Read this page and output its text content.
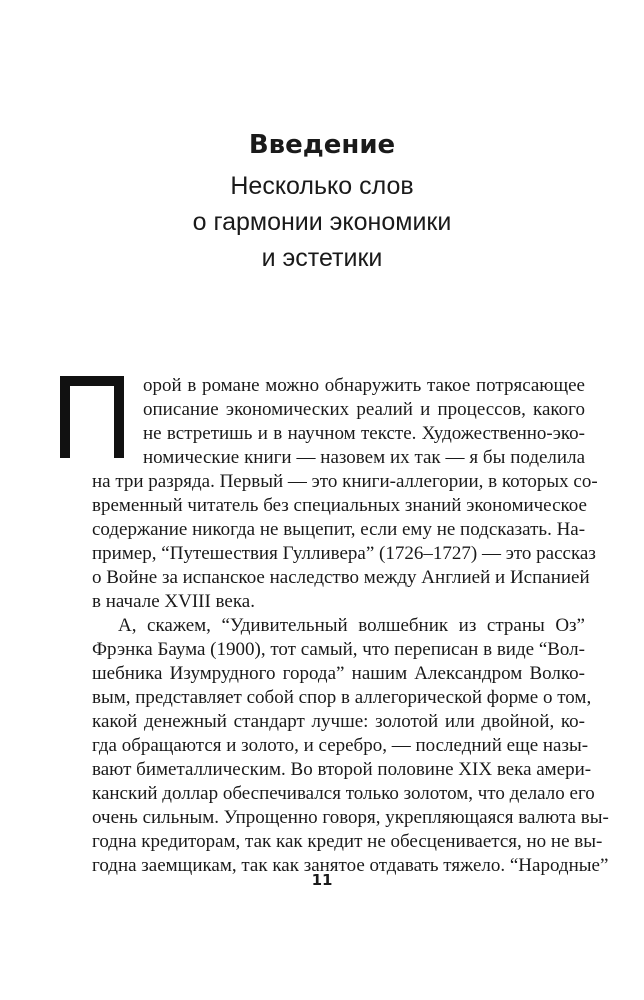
Введение
Несколько слов
о гармонии экономики
и эстетики
орой в романе можно обнаружить такое потрясающее
описание экономических реалий и процессов, какого
не встретишь и в научном тексте. Художественно-эко-
номические книги — назовем их так — я бы поделила
на три разряда. Первый — это книги-аллегории, в которых со-
временный читатель без специальных знаний экономическое
содержание никогда не выцепит, если ему не подсказать. На-
пример, “Путешествия Гулливера” (1726–1727) — это рассказ
о Войне за испанское наследство между Англией и Испанией
в начале XVIII века.
А, скажем, “Удивительный волшебник из страны Оз”
Фрэнка Баума (1900), тот самый, что переписан в виде “Вол-
шебника Изумрудного города” нашим Александром Волко-
вым, представляет собой спор в аллегорической форме о том,
какой денежный стандарт лучше: золотой или двойной, ко-
гда обращаются и золото, и серебро, — последний еще назы-
вают биметаллическим. Во второй половине XIX века амери-
канский доллар обеспечивался только золотом, что делало его
очень сильным. Упрощенно говоря, укрепляющаяся валюта вы-
годна кредиторам, так как кредит не обесценивается, но не вы-
годна заемщикам, так как занятое отдавать тяжело. “Народные”
11
